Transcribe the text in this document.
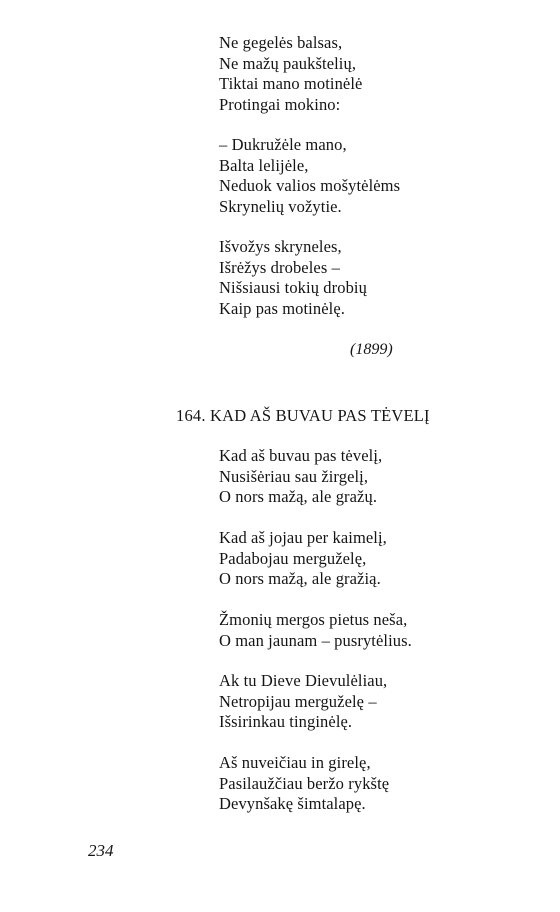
Ne gegelės balsas,
Ne mažų paukštelių,
Tiktai mano motinėlė
Protingai mokino:
– Dukružėle mano,
Balta lelijėle,
Neduok valios mošytėlėms
Skrynelių vožytie.
Išvožys skryneles,
Išrėžys drobeles –
Nišsiausi tokių drobių
Kaip pas motinėlę.
(1899)
164. KAD AŠ BUVAU PAS TĖVELĮ
Kad aš buvau pas tėvelį,
Nusišėriau sau žirgelį,
O nors mažą, ale gražų.
Kad aš jojau per kaimelį,
Padabojau merguželę,
O nors mažą, ale gražią.
Žmonių mergos pietus neša,
O man jaunam – pusrytėlius.
Ak tu Dieve Dievulėliau,
Netropijau merguželę –
Išsirinkau tinginėlę.
Aš nuveičiau in girelę,
Pasilaužčiau beržo rykštę
Devynšakę šimtalapę.
234
